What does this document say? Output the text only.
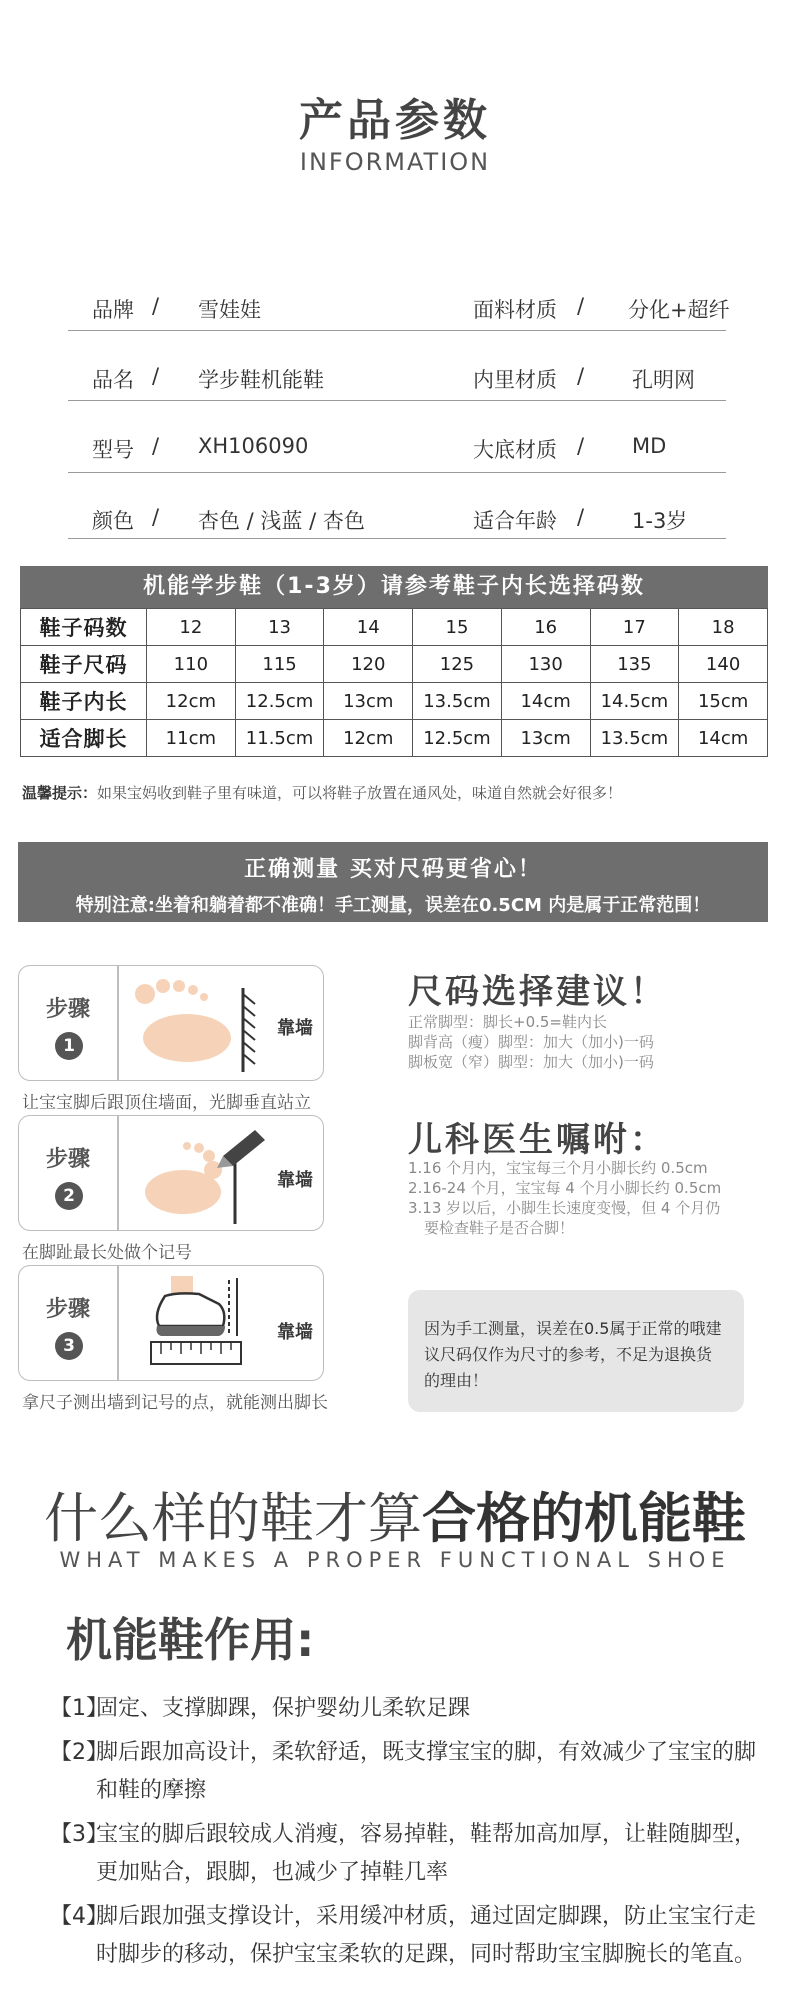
产品参数
INFORMATION
品牌 / 雪娃娃	面料材质 / 分化+超纤
品名 / 学步鞋机能鞋	内里材质 / 孔明网
型号 / XH106090	大底材质 / MD
颜色 / 杏色 / 浅蓝 / 杏色	适合年龄 / 1-3岁
机能学步鞋（1-3岁）请参考鞋子内长选择码数
鞋子码数	12	13	14	15	16	17	18
鞋子尺码	110	115	120	125	130	135	140
鞋子内长	12cm	12.5cm	13cm	13.5cm	14cm	14.5cm	15cm
适合脚长	11cm	11.5cm	12cm	12.5cm	13cm	13.5cm	14cm
温馨提示：如果宝妈收到鞋子里有味道，可以将鞋子放置在通风处，味道自然就会好很多！
正确测量 买对尺码更省心！
特别注意:坐着和躺着都不准确！手工测量，误差在0.5CM 内是属于正常范围！
步骤
1
靠墙
让宝宝脚后跟顶住墙面，光脚垂直站立
步骤
2
靠墙
在脚趾最长处做个记号
步骤
3
靠墙
拿尺子测出墙到记号的点，就能测出脚长
尺码选择建议！
正常脚型：脚长+0.5=鞋内长
脚背高（瘦）脚型：加大（加小)一码
脚板宽（窄）脚型：加大（加小)一码
儿科医生嘱咐：
1.16 个月内，宝宝每三个月小脚长约 0.5cm
2.16-24 个月，宝宝每 4 个月小脚长约 0.5cm
3.13 岁以后，小脚生长速度变慢，但 4 个月仍
要检查鞋子是否合脚！
因为手工测量，误差在0.5属于正常的哦建议尺码仅作为尺寸的参考，不足为退换货的理由！
什么样的鞋才算合格的机能鞋
WHAT MAKES A PROPER FUNCTIONAL SHOE
机能鞋作用:
【1】
固定、支撑脚踝，保护婴幼儿柔软足踝
【2】
脚后跟加高设计，柔软舒适，既支撑宝宝的脚，有效减少了宝宝的脚和鞋的摩擦
【3】
宝宝的脚后跟较成人消瘦，容易掉鞋，鞋帮加高加厚，让鞋随脚型，更加贴合，跟脚，也减少了掉鞋几率
【4】
脚后跟加强支撑设计，采用缓冲材质，通过固定脚踝，防止宝宝行走时脚步的移动，保护宝宝柔软的足踝，同时帮助宝宝脚腕长的笔直。
